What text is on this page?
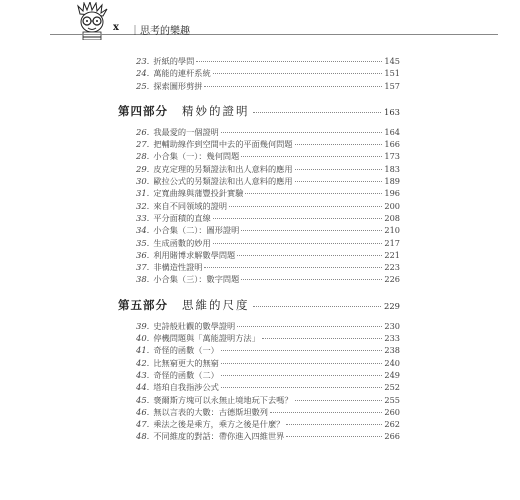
x ｜思考的樂趣
23. 折紙的學問	145
24. 萬能的連杆系統	151
25. 探索圖形剪拼	157
第四部分 精妙的證明	163
26. 我最愛的一個證明	164
27. 把輔助線作到空間中去的平面幾何問題	166
28. 小合集（一）：幾何問題	173
29. 皮克定理的另類證法和出人意料的應用	183
30. 歐拉公式的另類證法和出人意料的應用	189
31. 定寬曲線與蒲豐投針實驗	196
32. 來自不同領域的證明	200
33. 平分面積的直線	208
34. 小合集（二）：圖形證明	210
35. 生成函數的妙用	217
36. 利用賭博求解數學問題	221
37. 非構造性證明	223
38. 小合集（三）：數字問題	226
第五部分 思維的尺度	229
39. 史詩般壯觀的數學證明	230
40. 停機問題與「萬能證明方法」	233
41. 奇怪的函數（一）	238
42. 比無窮更大的無窮	240
43. 奇怪的函數（二）	249
44. 塔珀自我指涉公式	252
45. 褒爾斯方塊可以永無止境地玩下去嗎？	255
46. 無以言表的大數：古德斯坦數列	260
47. 乘法之後是乘方，乘方之後是什麼？	262
48. 不同維度的對話：帶你進入四維世界	266
